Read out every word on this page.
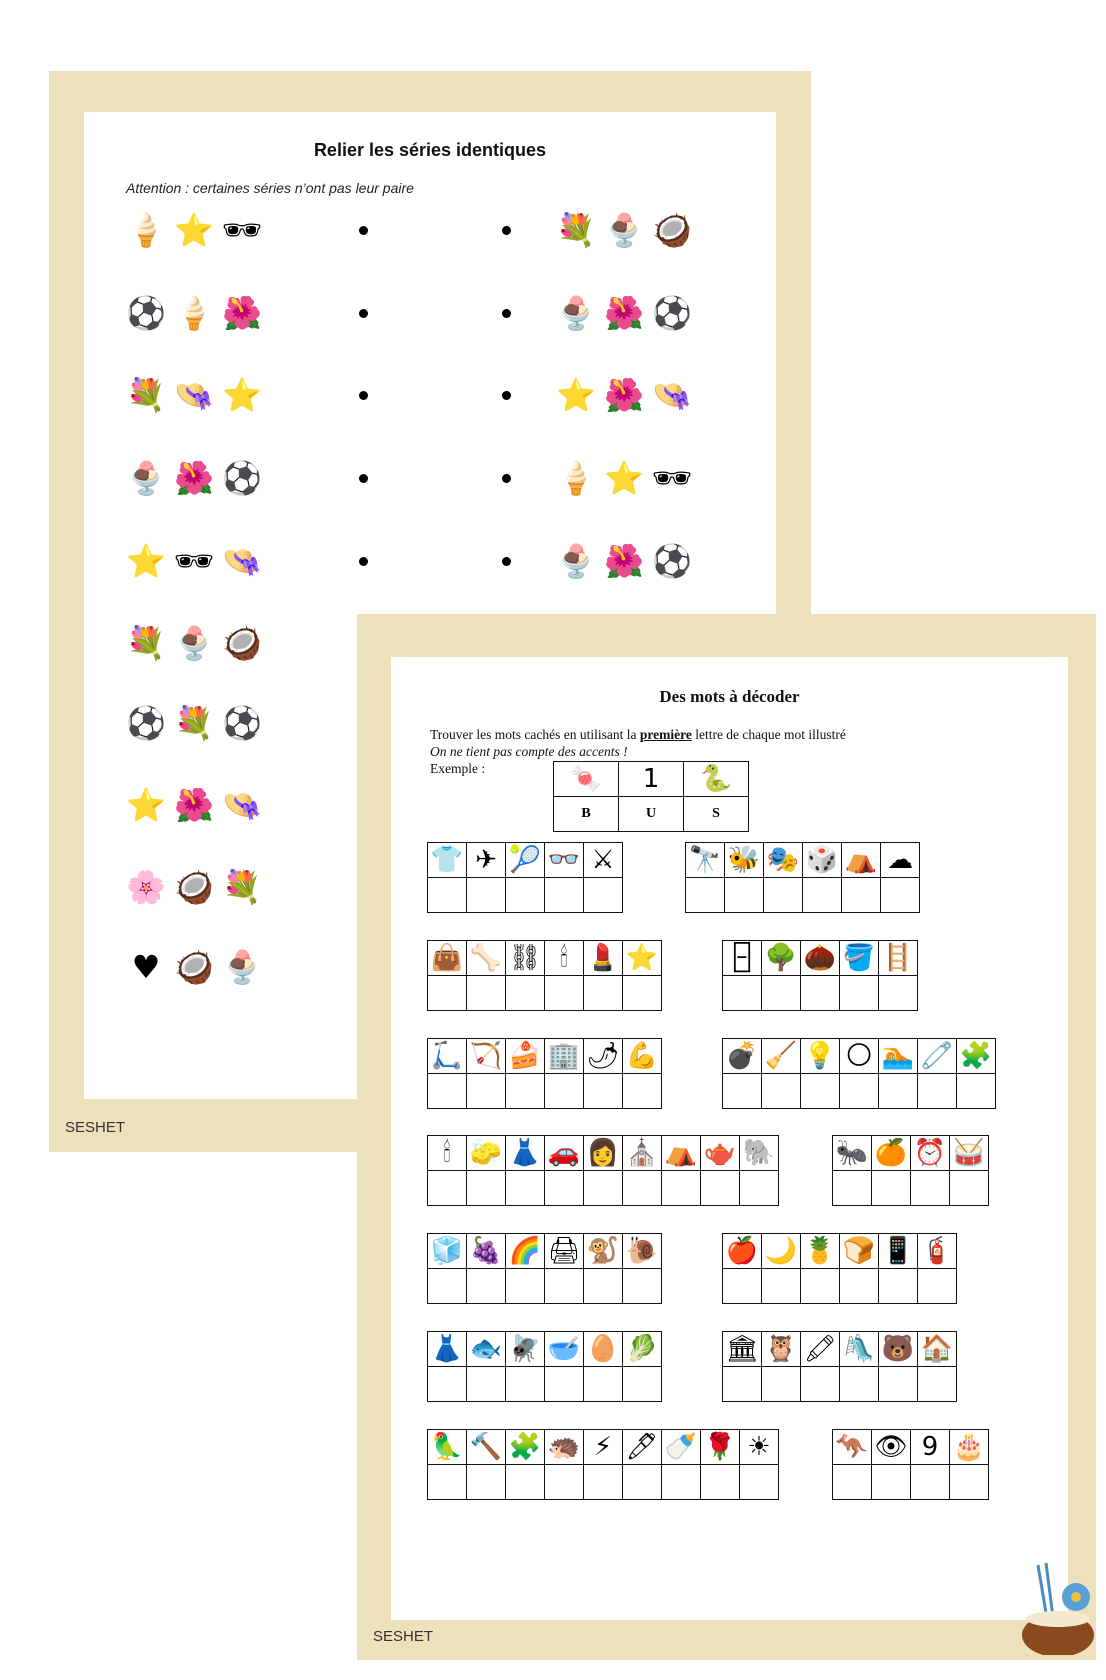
Relier les séries identiques
Attention : certaines séries n’ont pas leur paire
🍦 ⭐ 🕶	💐 🍨 🥥
⚽ 🍦 🌺	🍨 🌺 ⚽
💐 👒 ⭐	⭐ 🌺 👒
🍨 🌺 ⚽	🍦 ⭐ 🕶
⭐ 🕶 👒	🍨 🌺 ⚽
💐 🍨 🥥
⚽ 💐 ⚽
⭐ 🌺 👒
🌸 🥥 💐
♥ 🥥 🍨
SESHET
Des mots à décoder
Trouver les mots cachés en utilisant la première lettre de chaque mot illustré
On ne tient pas compte des accents !
Exemple :	🍬	1	🐍
B	U	S
👕	✈	🎾	👓	⚔
					🔭	🐝	🎭	🎲	⛺	☁

👜	🦴	⛓	🕯	💄	⭐
						🁣	🌳	🌰	🪣	🪜

🛴	🏹	🍰	🏢	🌶	💪
						💣	🧹	💡	🌕	🏊	🧷	🧩

🕯	🧽	👗	🚗	👩	⛪	⛺	🫖	🐘
								🐜	🍊	⏰	🥁

🧊	🍇	🌈	🖨	🐒	🐌
						🍎	🌙	🍍	🍞	📱	🧯

👗	🐟	🪰	🥣	🥚	🥬
						🏛	🦉	🖍	🛝	🐻	🏠

🦜	🔨	🧩	🦔	⚡	🖊	🍼	🌹	☀
									🦘	👁	9	🎂

SESHET
